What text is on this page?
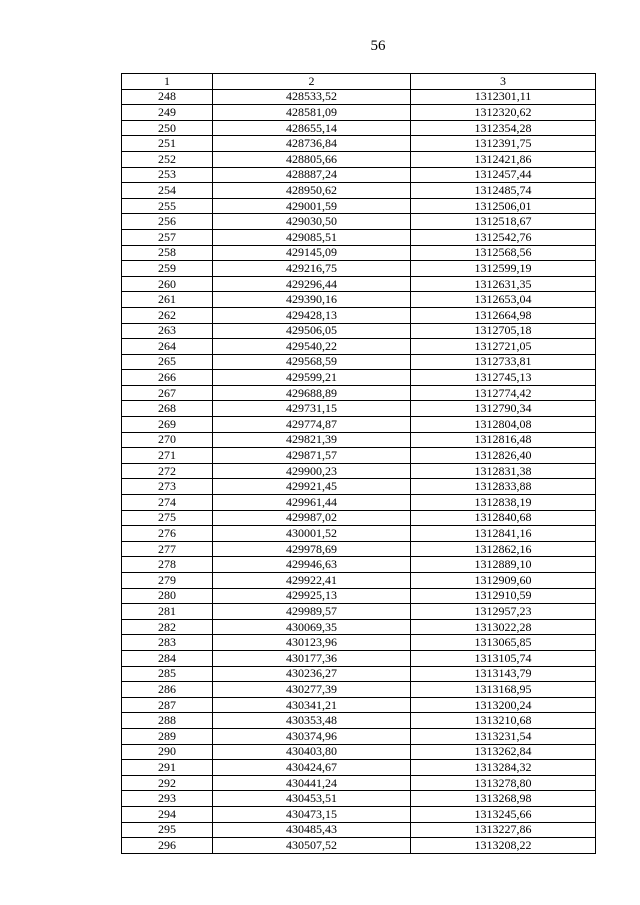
56
1	2	3
248	428533,52	1312301,11
249	428581,09	1312320,62
250	428655,14	1312354,28
251	428736,84	1312391,75
252	428805,66	1312421,86
253	428887,24	1312457,44
254	428950,62	1312485,74
255	429001,59	1312506,01
256	429030,50	1312518,67
257	429085,51	1312542,76
258	429145,09	1312568,56
259	429216,75	1312599,19
260	429296,44	1312631,35
261	429390,16	1312653,04
262	429428,13	1312664,98
263	429506,05	1312705,18
264	429540,22	1312721,05
265	429568,59	1312733,81
266	429599,21	1312745,13
267	429688,89	1312774,42
268	429731,15	1312790,34
269	429774,87	1312804,08
270	429821,39	1312816,48
271	429871,57	1312826,40
272	429900,23	1312831,38
273	429921,45	1312833,88
274	429961,44	1312838,19
275	429987,02	1312840,68
276	430001,52	1312841,16
277	429978,69	1312862,16
278	429946,63	1312889,10
279	429922,41	1312909,60
280	429925,13	1312910,59
281	429989,57	1312957,23
282	430069,35	1313022,28
283	430123,96	1313065,85
284	430177,36	1313105,74
285	430236,27	1313143,79
286	430277,39	1313168,95
287	430341,21	1313200,24
288	430353,48	1313210,68
289	430374,96	1313231,54
290	430403,80	1313262,84
291	430424,67	1313284,32
292	430441,24	1313278,80
293	430453,51	1313268,98
294	430473,15	1313245,66
295	430485,43	1313227,86
296	430507,52	1313208,22
